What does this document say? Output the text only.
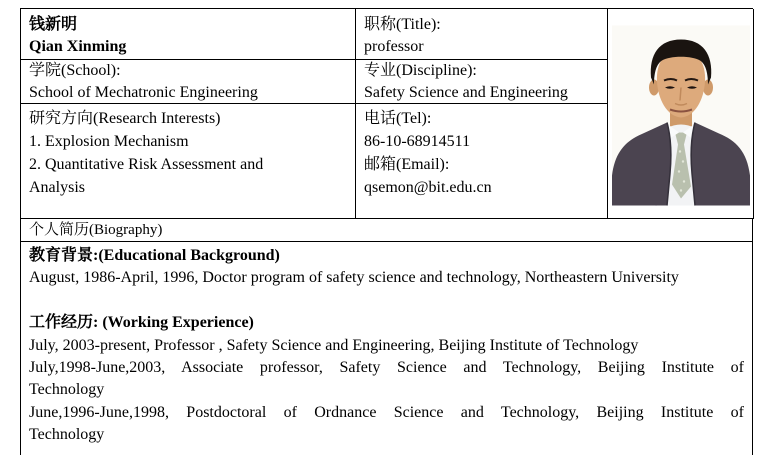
钱新明
Qian Xinming
职称(Title):
professor
学院(School):
School of Mechatronic Engineering
专业(Discipline):
Safety Science and Engineering
研究方向(Research Interests)
1. Explosion Mechanism
2. Quantitative Risk Assessment and
Analysis
电话(Tel):
86-10-68914511
邮箱(Email):
qsemon@bit.edu.cn
个人简历(Biography)
教育背景:(Educational Background)
August, 1986-April, 1996, Doctor program of safety science and technology, Northeastern University
工作经历: (Working Experience)
July, 2003-present, Professor , Safety Science and Engineering, Beijing Institute of Technology
July,1998-June,2003, Associate professor, Safety Science and Technology, Beijing Institute of
Technology
June,1996-June,1998, Postdoctoral of Ordnance Science and Technology, Beijing Institute of
Technology
